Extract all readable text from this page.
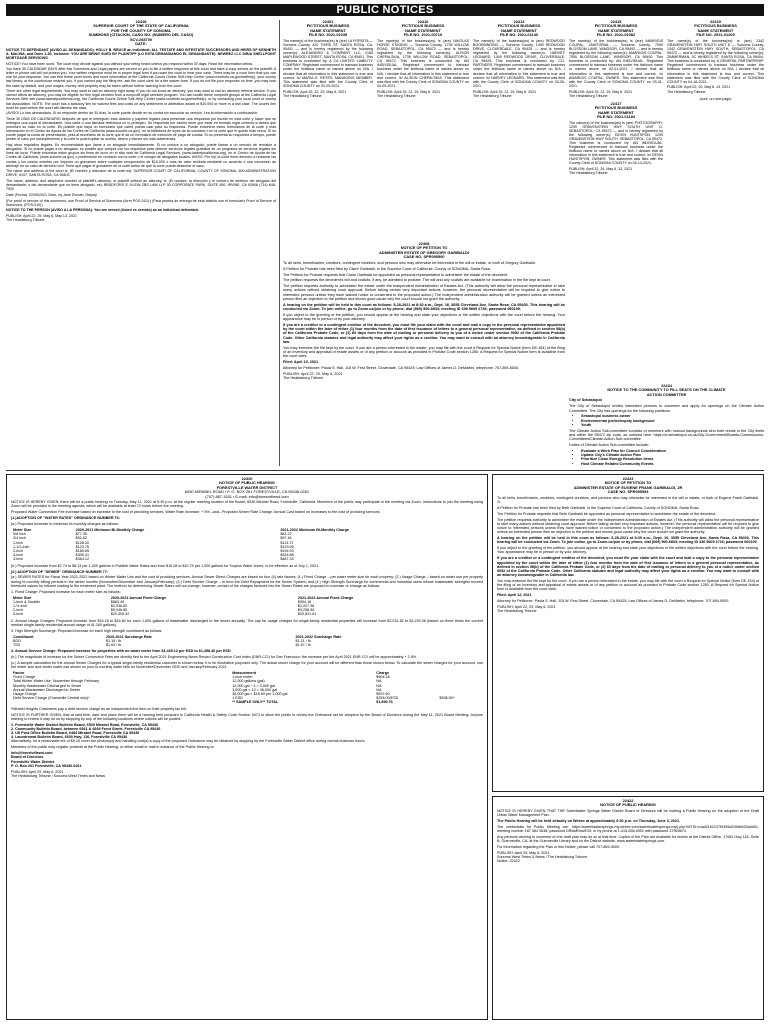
PUBLIC NOTICES
22418
SUPERIOR COURT OF THE STATE OF CALIFORNIA
FOR THE COUNTY OF SONOMA
SUMMONS (CITACION, CASO NO. (NUMERO DEL CASO)
SCV-268700
DATE:

NOTICE TO DEFENDANT (AVISO AL DEMANDADO): HOLLY B. BRUCE an individual; ALL TESTATE AND INTESTATE SUCCESSORS AND HEIRS OF KENNETH A. MALINA, and Does 1-50, inclusive. YOU ARE BEING SUED BY PLAINTIFF (LO ESTA DEMANDANDO EL DEMANDANTE): NEWREZ LLC D/B/A SHELLPOINT MORTGAGE SERVICING

NOTICE! You have been sued. The court may decide against you without your being heard unless you respond within 30 days. Read the information below.

You have 30 CALENDAR DAYS after this Summons and Legal papers are served on you to file a written response at this court and have a copy served on the plaintiff. A letter or phone call will not protect you. Your written response must be in proper legal form if you want the court to hear your case. There may be a court form that you can use for your response. You can find these court forms and more information at the California Courts Online Self-Help Center (www.courtinfo.ca.gov/selfhelp), your county law library, or the courthouse nearest you. If you cannot pay the filing fee, ask the court clerk for a fee waiver form. If you do not file your response on time, you may lose the case by default, and your wages, money, and property may be taken without further warning from the court.

There are other legal requirements. You may want to call an attorney right away. If you do not know an attorney, you may want to call an attorney referral service. If you cannot afford an attorney, you may be eligible for free legal services from a nonprofit legal services program. You can locate these nonprofit groups at the California Legal Services Web site (www.lawhelpcalifornia.org), the California Courts Online Self-Help Center (www.courtinfo.ca.gov/selfhelp), or by contacting your local court or county bar association. NOTE: The court has a statutory lien for waived fees and costs on any settlement or arbitration award of $10,000 or more in a civil case. The court's lien must be paid before the court will dismiss the case.

¡AVISO! Lo han demandado. Si no responde dentro de 30 días, la corte puede decidir en su contra sin escuchar su versión. Lea la información a continuación.

Tiene 30 DÍAS DE CALENDARIO después de que le entreguen esta citación y papeles legales para presentar una respuesta por escrito en esta corte y hacer que se entregue una copia al demandante. Una carta o una llamada telefónica no lo protegen. Su respuesta por escrito tiene que estar en formato legal correcto si desea que procesen su caso en la corte. Es posible que haya un formulario que usted pueda usar para su respuesta. Puede encontrar estos formularios de la corte y más información en el Centro de Ayuda de las Cortes de California (www.sucorte.ca.gov), en la biblioteca de leyes de su condado o en la corte que le quede más cerca. Si no puede pagar la cuota de presentación, pida al secretario de la corte que le dé un formulario de exención de pago de cuotas. Si no presenta su respuesta a tiempo, puede perder el caso por incumplimiento y la corte le podrá quitar su sueldo, dinero y bienes sin más advertencia.

Hay otros requisitos legales. Es recomendable que llame a un abogado inmediatamente. Si no conoce a un abogado, puede llamar a un servicio de remisión a abogados. Si no puede pagar a un abogado, es posible que cumpla con los requisitos para obtener servicios legales gratuitos de un programa de servicios legales sin fines de lucro. Puede encontrar estos grupos sin fines de lucro en el sitio web de California Legal Services, (www.lawhelpcalifornia.org), en el Centro de Ayuda de las Cortes de California, (www.sucorte.ca.gov) o poniéndose en contacto con la corte o el colegio de abogados locales. AVISO: Por ley, la corte tiene derecho a reclamar las cuotas y los costos exentos por imponer un gravamen sobre cualquier recuperación de $10,000 ó más de valor recibida mediante un acuerdo o una concesión de arbitraje en un caso de derecho civil. Tiene que pagar el gravamen de la corte antes de que la corte pueda desechar el caso.

The name and address of the court is: (El nombre y dirección de la corte es): SUPERIOR COURT OF CALIFORNIA, COUNTY OF SONOMA, 600 ADMINISTRATION DRIVE, #107, SANTA ROSA, CA 95403

The name, address, and telephone number of plaintiff's attorney, or plaintiff without an attorney, is: (El nombre, la dirección y el número de teléfono del abogado del demandante, o del demandante que no tiene abogado, es): BRADFORD E. KLEIN ZBS LAW LLP 30 CORPORATE PARK, SUITE 450, IRVINE, CA 92606 (714) 848-7920

Date (Fecha): 02/05/2021 Clerk, by Jane Doman, Deputy

(For proof of service of this summons, use Proof of Service of Summons (form POS-010).) (Para prueba de entrega de esta citatión use el formulario Proof of Service of Summons, (POS-010))

NOTICE TO THE PERSON (AVISO A LA PERSONA): You are served (Usted es servido) as an individual defendant.

PUBLISH: April 22, 29, May 6, May 13, 2021
The Healdsburg Tribune
22401
FICTITIOUS BUSINESS
NAME STATEMENT
FILE NO. 2021-01049

The name(s) of the business(es) is (are) LA PORSITA — Sonoma County, 420 THIRD ST, SANTA ROSA, CA, 95401 — and is hereby registered by the following owner(s): ALEJANDRO & COMPANY LLC, 2184 MAPLEWOOD STREET, SANTA ROSA, CA 95401. This business is conducted by: A CA LIMITED LIABILITY COMPANY. Registrant commenced to transact business under the fictitious name or names above on N/A. I declare that all information in this statement is true and correct. /s/ MARIA E. REYES, MANAGING MEMBER. This statement was filed with the County Clerk of SONOMA COUNTY on 03-29-2021.

PUBLISH: April 15, 22, 29, May 6, 2021
The Healdsburg Tribune
22410
FICTITIOUS BUSINESS
NAME STATEMENT
FILE NO. 2021-00716

The name(s) of the business(es) is (are) NIKOLAS HORSE STAGING — Sonoma County, 1736 WILLOW ROAD, SEBASTOPOL, CA 95472 — and is hereby registered by the following owner(s): ALISON CHEPALSKIA, 1736 WILLOW ROAD, SEBASTOPOL, CA 95472. This business is conducted by: AN INDIVIDUAL. Registrant commenced to transact business under the fictitious name or names above on N/A. I declare that all information in this statement is true and correct. /s/ ALISON CHEPALSKIA. This statement was filed with the County Clerk of SONOMA COUNTY on 04-09-2021.

PUBLISH: April 15, 22, 29, May 6, 2021
The Healdsburg Tribune
22413
FICTITIOUS BUSINESS
NAME STATEMENT
FILE NO. 2021-01140

The name(s) of the business(es) is (are) REDWOOD BOOKBINDING — Sonoma County, 1400 REDWOOD DRIVE, CLOVERDALE, CA 95425 — and is hereby registered by the following owner(s): HARVEY LEONARD, 1400 REDWOOD DRIVE, CLOVERDALE, CA 95425. This business is conducted by: CO-PARTNERS. Registrant commenced to transact business under the fictitious name or names above on N/A. I declare that all information in this statement is true and correct. /s/ HARVEY LEONARD. This statement was filed with the County Clerk of SONOMA COUNTY on 03-26-2021.

PUBLISH: April 15, 22, 29, May 6, 2021
The Healdsburg Tribune
22415
FICTITIOUS BUSINESS
NAME STATEMENT
FILE NO. 2021-01082

The name(s) of the business(es) is (are) AMARIGIS COUPAL, JANITORIAL — Sonoma County, 7050 BLOSSOM LANE, WINDSOR, CA 95492 — and is hereby registered by the following owner(s): AMARIGIS COUPAL, 7050 BLOSSOM LANE, WINDSOR, CA 95492. This business is conducted by: AN INDIVIDUAL. Registrant commenced to transact business under the fictitious name or names above on 02-01-2021. I declare that all information in this statement is true and correct. /s/ AMARIGIS COUPAL, OWNER. This statement was filed with the County Clerk of SONOMA COUNTY on 03-31-2021.

PUBLISH: April 15, 22, 29, May 6, 2021
The Healdsburg Tribune
22417
FICTITIOUS BUSINESS
NAME STATEMENT
FILE NO. 2021-01184

The name(s) of the business(es) is (are) PHOTOGRAPHY, 1290 GRAVENSTEIN HWY SOUTH UNIT D, SEBASTOPOL, CA 95472 — and is hereby registered by the following owner(s): DEVIN HUNTSPON, 1290 GRAVENSTEIN HWY SOUTH, SEBASTOPOL, CA 95472. This business is conducted by: AN INDIVIDUAL. Registrant commenced to transact business under the fictitious name or names above on N/A. I declare that all information in this statement is true and correct. /s/ DEVIN HUNTSPON, OWNER. This statement was filed with the County Clerk of SONOMA COUNTY on 04-14-2021.

PUBLISH: April 22, 29, May 6, 13, 2021
The Healdsburg Tribune
22419
FICTITIOUS BUSINESS
NAME STATEMENT
FILE NO. 2021-01209

The name(s) of the business(es) is (are) 1342 GRAVENSTEIN HWY SOUTH UNIT D — Sonoma County, 1342 GRAVENSTEIN HWY SOUTH, SEBASTOPOL, CA 95472 — and is hereby registered by the following owner(s): ZIMMERMAN, 3C WHEELS ST, SANTA ROSA, CA 95404. This business is conducted by: A GENERAL PARTNERSHIP. Registrant commenced to transact business under the fictitious name or names above on N/A. I declare that all information in this statement is true and correct. This statement was filed with the County Clerk of SONOMA COUNTY on 04-16-2021.

PUBLISH: April 22, 29, May 6, 13, 2021
The Healdsburg Tribune
(cont. on next page)
22408
NOTICE OF PETITION TO
ADMINISTER ESTATE OF GREGORY GARIBALDI
CASE NO. SPR095500

To all heirs, beneficiaries, creditors, contingent creditors, and persons who may otherwise be interested in the will or estate, or both of Gregory Garibaldi.

A Petition for Probate has been filed by Claire Garibaldi, in the Superior Court of California, County of SONOMA, Santa Rosa.

The Petition for Probate requests that Claire Garibaldi be appointed as personal representative to administer the estate of the decedent.

The petition requests the decedent's will and codicils, if any, be admitted to probate. The will and any codicils are available for examination in the file kept at court.

The petition requests authority to administer the estate under the Independent Administration of Estates Act. (This authority will allow the personal representative to take many actions without obtaining court approval. Before taking certain very important actions, however, the personal representative will be required to give notice to interested persons unless they have waived notice or consented to the proposed action.) The independent administration authority will be granted unless an interested person files an objection to the petition and shows good cause why the court should not grant the authority.

A hearing on the petition will be held in this court as follows: 5-28-2021 at 8:30 a.m., Dept. 16, 3055 Cleveland Ave, Santa Rosa, CA 95403. This hearing will be conducted via Zoom. To join online, go to Zoom.us/join or by phone, dial (669) 900-6833; meeting ID 336 5609 2726; password 060109.

If you object to the granting of the petition, you should appear at the hearing and state your objections or file written objections with the court before the hearing. Your appearance may be in person or by your attorney.

If you are a creditor or a contingent creditor of the decedent, you must file your claim with the court and mail a copy to the personal representative appointed by the court within the later of either (1) four months from the date of first issuance of letters to a general personal representative, as defined in section 58(b) of the California Probate Code, or (2) 60 days from the date of mailing or personal delivery to you of a notice under section 9052 of the California Probate Code. Other California statutes and legal authority may affect your rights as a creditor. You may want to consult with an attorney knowledgeable in California law.

You may examine the file kept by the court. If you are a person interested in the estate, you may file with the court a Request for Special Notice (form DE-154) of the filing of an inventory and appraisal of estate assets or of any petition or account as provided in Probate Code section 1250. A Request for Special Notice form is available from the court clerk.

Filed: April 15, 2021

Attorney for Petitioner: Paula S. Hall, 115 W. First Street, Cloverdale, CA 95425; Law Offices of James D. DeMartini, telephone: 707-894-5000.

PUBLISH: April 22, 29, May 6, 2021
The Healdsburg Tribune
22434
NOTICE TO THE COMMUNITY TO FILL SEATS ON THE CLIMATE
ACTION COMMITTEE

City of Sebastopol

The City of Sebastopol invites interested persons to volunteer and apply for openings on the Climate Action Committee. The City has openings for the following positions:

• Sebastopol business owner
• Environmental justice/equity background
• Youth

The Climate Action Sub-committee consists of members with various backgrounds who both reside in the City limits and within the 95472 zip code, as outlined here: https://ci.sebastopol.ca.us/City-Government/Boards-Commissions-Committees/Climate-Action-Sub-committee

Duties of Climate Action Sub-committee include:

• Evaluate a Work Plan for Council Consideration
• Update City's Climate Action Plan
• Prioritize Clean Energy Resolution Items
• Host Climate Related Community Events

22420
NOTICE OF PUBLIC HEARING
FORESTVILLE WATER DISTRICT
6530 MIRABEL ROAD / P. O. BOX 261 FORESTVILLE, CA 95436-0261
(707) 887-1551 • E-mail: info@forestvillewd.com

NOTICE IS HEREBY GIVEN, there will be a public hearing on Tuesday, May 11, 2021 at 5:30 p.m. at the regular meeting location of the Board, 6530 Mirabel Road, Forestville, California. Members of the public may participate in the meeting via Zoom. Instructions to join the meeting using Zoom will be provided in the meeting agenda, which will be available at least 72 hours before the meeting.

Proposed Water Connection Fee increase based on increase to the cost of providing services, Water Rate Increase: + 5% –and– Proposed Sewer Rate Change: Annual Cost based on increases to the cost of providing services.

(1.)ADOPTION OF "WATER RATES" ORDINANCE NUMBER 76:

(a.) Proposed increase to minimum bi-monthly charges as follows:

Meter Size	2020-2021 Minimum Bi-Monthly Charge	2021-2022 Minimum Bi-Monthly Charge
5/8 inch	$77.35	$81.22
3/4 inch	$92.82	$97.46
1-inch	$108.30	$113.72
1-1/2-inch	$123.76	$129.95
2-inch	$185.65	$194.93
3-inch	$309.41	$324.88
4-inch	$464.12	$487.33

(b.) Proposed increase from $7.74 to $8.13 per 1,000 gallons in Potable Water Rates and from $10.28 to $10.79 per 1,000 gallons for Surplus Water Users, to be effective as of July 1, 2021.

(2.) ADOPTION OF "SEWER" ORDINANCE NUMBER 77:

(a.) SEWER RATES for Fiscal Year 2021-2022 based on Winter Water Use and the cost of providing services. Annual Sewer Direct Charges are based on four (4) rate factors: (1.) Fixed Charge – per water meter size for each property; (2.) Usage Charge – based on water use per property during bi-monthly billing periods in the winter months (November/December and January/February); (3.) Debt Service Charge – to fund the Debt Repayment for the Sewer System; and (4.) High Strength Surcharge for commercial and industrial users whose wastewater strengths exceed threshold values for influent loading to the treatment plant. The method for determining Sewer Rates will not change; however, certain of the charges factored into the Sewer Rates are proposed to increase or change as follows:

1. Fixed Charge: Proposed increase for each meter size as follows:

Meter Size	2020-2021 Annual Fixed Charge	2021-2022 Annual Fixed Charge
1-inch & Smaller	$883.49	$904.16
1-½-inch	$2,036.82	$2,207.36
2-inch	$9,046.80	$9,258.50
3-inch	$20,305.32	$20,831.61

2. Annual Usage Charges: Proposed increase from $16.18 to $16.60 for each 1,000 gallons of wastewater discharged to the sewer annually. The cap for usage charges for single-family residential properties will increase from $2,031.82 to $2,293.36 (based on three times the current median single-family residential annual usage of 41,160 gallons).

3. High Strength Surcharge: Proposed increase for each high strength constituent as follows:

Constituent	2020-2021 Surcharge Rate	2021-2022 Surcharge Rate
BOD	$1.18 / lb.	$1.21 / lb.
TSS	$1.63 / lb.	$1.67 / lb.

4. Annual Service Charge: Proposed increase for properties with no water meter from $1,435.12 per ESD to $1,458.46 per ESD.

(b.) The magnitude of increase for the Sewer Connection Fees are directly tied to the April 2021 Engineering News Record Construction Cost Index (ENR-CCI) for San Francisco: the increase per the April 2021 ENR-CCI will be approximately + 2.5%.

(c.) A sample calculation for the annual Sewer Charges for a typical single-family residential customer is shown below. It is for illustrative purposes only. The actual sewer charge for your account will be different than those shown below. To calculate the sewer charges for your account, use the meter size and winter water use shown on your bi-monthly water bills for November/December 2020 and January/February 2021.

Factor	Measurement	Charge	
Fixed Charge	1-inch meter	$904.16	
Total Winter Water Use, November through February	12,000 gallons (gal)	NA	
Monthly Wastewater Discharged to Sewer	12,000 gal ÷ 4 = 3,000 gal	NA	
Annual Wastewater Discharged to Sewer	3,000 gal × 12 = 36,000 gal	NA	
Usage Charge	36,000 gal × $16.60 per 1,000 gal	$597.60	
Debt Service Charge (Forestville Central only)*	1 ESD	$398.00/ESD	$398.00*
	** SAMPLE ONLY** TOTAL	$1,899.76	

*Mirabel Heights Customers pay a debt service charge as an independent line item on their property tax bill.

NOTICE IS FURTHER GIVEN, that at said time, date and place there will be a hearing held pursuant to California Health & Safety Code Section 5473 to allow the public to review the Ordinance set for adoption by the Board of Directors during the May 11, 2021 Board Meeting. Anyone wishing to review it may do so by stopping by any of the following locations where notices will be posted:

1. Forestville Water District Bulletin Board, 6530 Mirabel Road, Forestville, CA 95436
2. Community Bulletin Board, between 6661 & 6669 Front Street, Forestville CA 95436
3. US Post Office Bulletin Board, 6484 Mirabel Road, Forestville CA 95436
4. Laundromat Bulletin Board, 6600 Hwy. 116, Forestville CA 95436

Alternatively, for a reasonable fee of $0.15 cover the photocopy and handling cost(s) a copy of the proposed Ordinance may be obtained by stopping by the Forestville Water District office during normal business hours.

Members of the public may register protests at the Public Hearing, or either email or mail in advance of the Public Hearing to:

info@forestvillewd.com
Board of Directors
Forestville Water District
P. O. Box 261 Forestville, CA 95436-0261
PUBLISH: April 29, May 6, 2021
The Healdsburg Tribune / Sonoma West Times and News
22423
NOTICE OF PETITION TO
ADMINISTER ESTATE OF EUGENE FRANK GARIBALDI, JR
CASE NO. SPR095593

To all heirs, beneficiaries, creditors, contingent creditors, and persons who may otherwise be interested in the will or estate, or both of Eugene Frank Garibaldi, Jr.

A Petition for Probate has been filed by Beth Garibaldi, in the Superior Court of California, County of SONOMA, Santa Rosa.

The Petition for Probate requests that Beth Garibaldi be appointed as personal representative to administer the estate of the decedent.

The petition requests authority to administer the estate under the Independent Administration of Estates Act. (This authority will allow the personal representative to take many actions without obtaining court approval. Before taking certain very important actions, however, the personal representative will be required to give notice to interested persons unless they have waived notice or consented to the proposed action.) The independent administration authority will be granted unless an interested person files an objection to the petition and shows good cause why the court should not grant the authority.

A hearing on the petition will be held in this court as follows: 5-28-2021 at 8:30 a.m., Dept. 16, 3055 Cleveland Ave, Santa Rosa, CA 95403. This hearing will be conducted via Zoom. To join online, go to Zoom.us/join or by phone, dial (669) 900-6833; meeting ID 336 5609 2726; password 060109.

If you object to the granting of the petition, you should appear at the hearing and state your objections or file written objections with the court before the hearing. Your appearance may be in person or by your attorney.

If you are a creditor or a contingent creditor of the decedent, you must file your claim with the court and mail a copy to the personal representative appointed by the court within the later of either (1) four months from the date of first issuance of letters to a general personal representative, as defined in section 58(b) of the California Probate Code, or (2) 60 days from the date of mailing or personal delivery to you of a notice under section 9052 of the California Probate Code. Other California statutes and legal authority may affect your rights as a creditor. You may want to consult with an attorney knowledgeable in California law.

You may examine the file kept by the court. If you are a person interested in the estate, you may file with the court a Request for Special Notice (form DE-154) of the filing of an inventory and appraisal of estate assets or of any petition or account as provided in Probate Code section 1250. A Request for Special Notice form is available from the court clerk.

Filed: April 12, 2021

Attorney for Petitioner: Paula S. Hall, 115 W. First Street, Cloverdale, CA 95425; Law Offices of James D. DeMartini, telephone: 707-894-5000.

PUBLISH: April 22, 29, May 6, 2021
The Healdsburg Tribune
22422
NOTICE OF PUBLIC HEARING

NOTICE IS HEREBY GIVEN THAT THE Sweetwater Springs Water District Board of Directors will be holding a Public Hearing on the adoption of the Draft Urban Water Management Plan.

The Public Hearing will be held virtually on Webex at approximately 6:30 p.m. on Thursday, June 3, 2021.

The credentials for Public Meeting are: https://sweetwatersprings.my.webex.com/sweetwatersprings.my/j.php?MTID=mad2152137f9395d2098e833a4d01, meeting number 187 384 3638, password DRwMNnwE33; or by phone at 1-415-655-0001 with password 37969874.

Any persons wishing to comment on the draft plan may do so at that time. Copies of the Plan are available for review at the District Office, 17081 Hwy 116, Suite B, Guerneville, CA, at the Guerneville Library and on the District website, www.sweetwatersprings.com.

For information regarding the Plan or this Notice, please call 707-869-4000.

PUBLISH: April 29, May 6, 2021
Sonoma West Times & News / The Healdsburg Tribune
Notice: 22422
